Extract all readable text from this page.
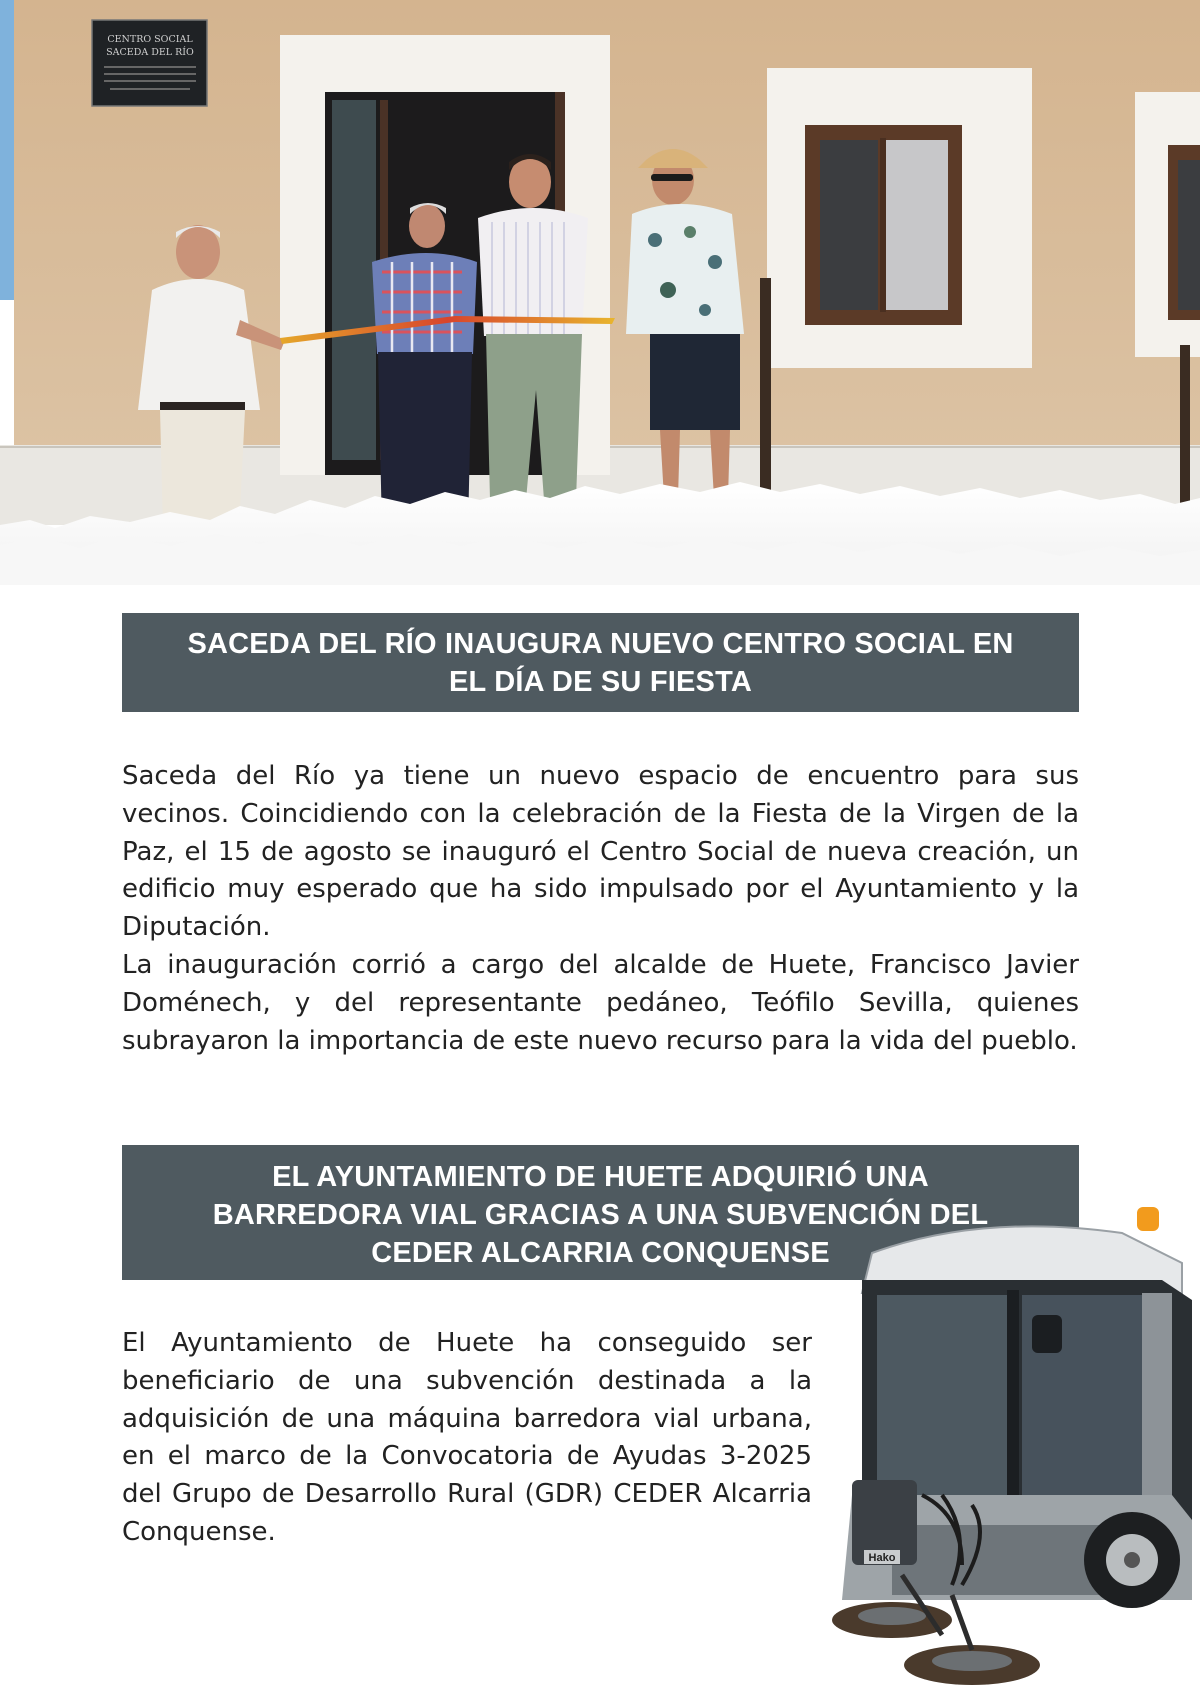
CENTRO SOCIAL
SACEDA DEL RÍO
SACEDA DEL RÍO INAUGURA NUEVO CENTRO SOCIAL EN
EL DÍA DE SU FIESTA

Saceda del Río ya tiene un nuevo espacio de encuentro para sus vecinos. Coincidiendo con la celebración de la Fiesta de la Virgen de la Paz, el 15 de agosto se inauguró el Centro Social de nueva creación, un edificio muy esperado que ha sido impulsado por el Ayuntamiento y la Diputación.

La inauguración corrió a cargo del alcalde de Huete, Francisco Javier Doménech, y del representante pedáneo, Teófilo Sevilla, quienes subrayaron la importancia de este nuevo recurso para la vida del pueblo.

EL AYUNTAMIENTO DE HUETE ADQUIRIÓ UNA
BARREDORA VIAL GRACIAS A UNA SUBVENCIÓN DEL
CEDER ALCARRIA CONQUENSE

El Ayuntamiento de Huete ha conseguido ser beneficiario de una subvención destinada a la adquisición de una máquina barredora vial urbana, en el marco de la Convocatoria de Ayudas 3-2025 del Grupo de Desarrollo Rural (GDR) CEDER Alcarria Conquense.

Hako
